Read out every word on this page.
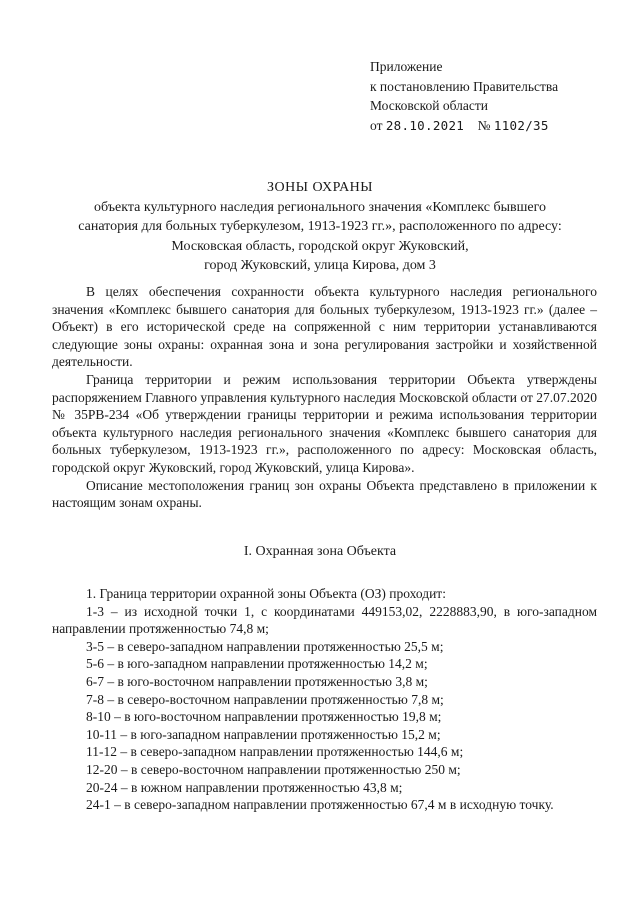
Приложение
к постановлению Правительства
Московской области
от 28.10.2021 № 1102/35
ЗОНЫ ОХРАНЫ
объекта культурного наследия регионального значения «Комплекс бывшего
санатория для больных туберкулезом, 1913-1923 гг.», расположенного по адресу:
Московская область, городской округ Жуковский,
город Жуковский, улица Кирова, дом 3

В целях обеспечения сохранности объекта культурного наследия регионального значения «Комплекс бывшего санатория для больных туберкулезом, 1913-1923 гг.» (далее – Объект) в его исторической среде на сопряженной с ним территории устанавливаются следующие зоны охраны: охранная зона и зона регулирования застройки и хозяйственной деятельности.

Граница территории и режим использования территории Объекта утверждены распоряжением Главного управления культурного наследия Московской области от 27.07.2020 № 35РВ-234 «Об утверждении границы территории и режима использования территории объекта культурного наследия регионального значения «Комплекс бывшего санатория для больных туберкулезом, 1913-1923 гг.», расположенного по адресу: Московская область, городской округ Жуковский, город Жуковский, улица Кирова».

Описание местоположения границ зон охраны Объекта представлено в приложении к настоящим зонам охраны.

I. Охранная зона Объекта
1. Граница территории охранной зоны Объекта (ОЗ) проходит:
1-3 – из исходной точки 1, с координатами 449153,02, 2228883,90, в юго-западном направлении протяженностью 74,8 м;
3-5 – в северо-западном направлении протяженностью 25,5 м;
5-6 – в юго-западном направлении протяженностью 14,2 м;
6-7 – в юго-восточном направлении протяженностью 3,8 м;
7-8 – в северо-восточном направлении протяженностью 7,8 м;
8-10 – в юго-восточном направлении протяженностью 19,8 м;
10-11 – в юго-западном направлении протяженностью 15,2 м;
11-12 – в северо-западном направлении протяженностью 144,6 м;
12-20 – в северо-восточном направлении протяженностью 250 м;
20-24 – в южном направлении протяженностью 43,8 м;
24-1 – в северо-западном направлении протяженностью 67,4 м в исходную точку.
